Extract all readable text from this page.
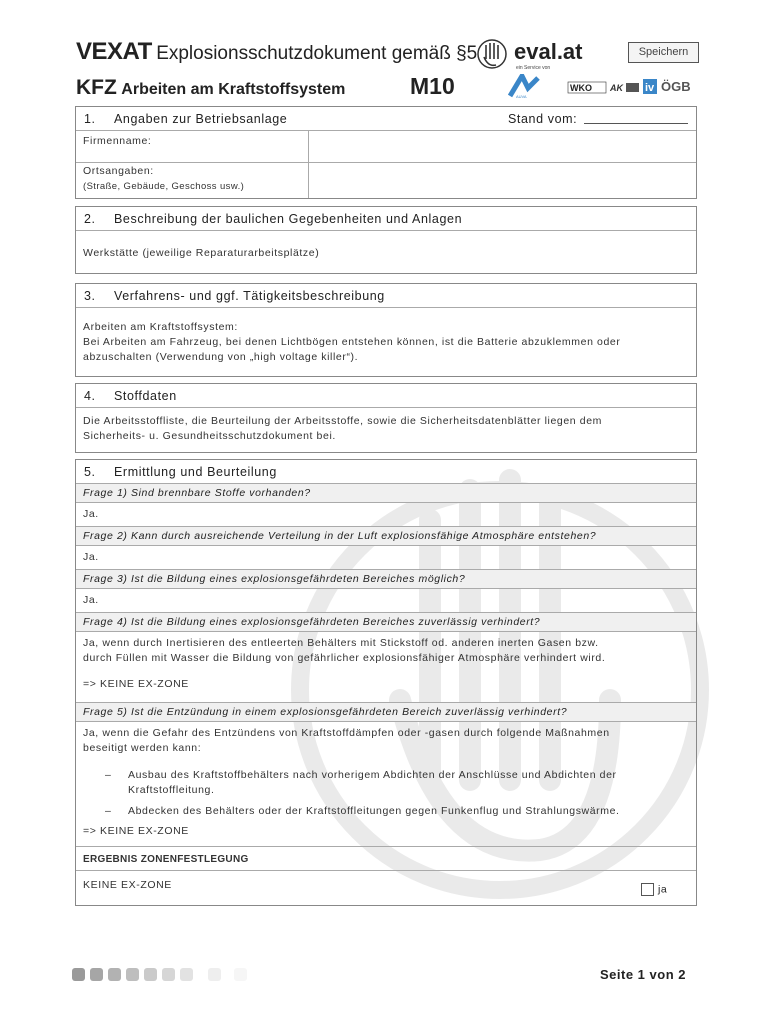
VEXAT Explosionsschutzdokument gemäß §5
KFZ Arbeiten am Kraftstoffsystem	M10
eval.at
ein Service von
Speichern
AUVA
WKO AK iv ÖGB
1. Angaben zur Betriebsanlage	Stand vom:
Firmenname:
Ortsangaben:
(Straße, Gebäude, Geschoss usw.)
2. Beschreibung der baulichen Gegebenheiten und Anlagen
Werkstätte (jeweilige Reparaturarbeitsplätze)
3. Verfahrens- und ggf. Tätigkeitsbeschreibung
Arbeiten am Kraftstoffsystem:
Bei Arbeiten am Fahrzeug, bei denen Lichtbögen entstehen können, ist die Batterie abzuklemmen oder
abzuschalten (Verwendung von „high voltage killer“).
4. Stoffdaten
Die Arbeitsstoffliste, die Beurteilung der Arbeitsstoffe, sowie die Sicherheitsdatenblätter liegen dem
Sicherheits- u. Gesundheitsschutzdokument bei.
5. Ermittlung und Beurteilung
Frage 1) Sind brennbare Stoffe vorhanden?
Ja.
Frage 2) Kann durch ausreichende Verteilung in der Luft explosionsfähige Atmosphäre entstehen?
Ja.
Frage 3) Ist die Bildung eines explosionsgefährdeten Bereiches möglich?
Ja.
Frage 4) Ist die Bildung eines explosionsgefährdeten Bereiches zuverlässig verhindert?
Ja, wenn durch Inertisieren des entleerten Behälters mit Stickstoff od. anderen inerten Gasen bzw.
durch Füllen mit Wasser die Bildung von gefährlicher explosionsfähiger Atmosphäre verhindert wird.
=> KEINE EX-ZONE
Frage 5) Ist die Entzündung in einem explosionsgefährdeten Bereich zuverlässig verhindert?
Ja, wenn die Gefahr des Entzündens von Kraftstoffdämpfen oder -gasen durch folgende Maßnahmen
beseitigt werden kann:
– Ausbau des Kraftstoffbehälters nach vorherigem Abdichten der Anschlüsse und Abdichten der
Kraftstoffleitung.
– Abdecken des Behälters oder der Kraftstoffleitungen gegen Funkenflug und Strahlungswärme.
=> KEINE EX-ZONE
ERGEBNIS ZONENFESTLEGUNG
KEINE EX-ZONE	ja
Seite 1 von 2
